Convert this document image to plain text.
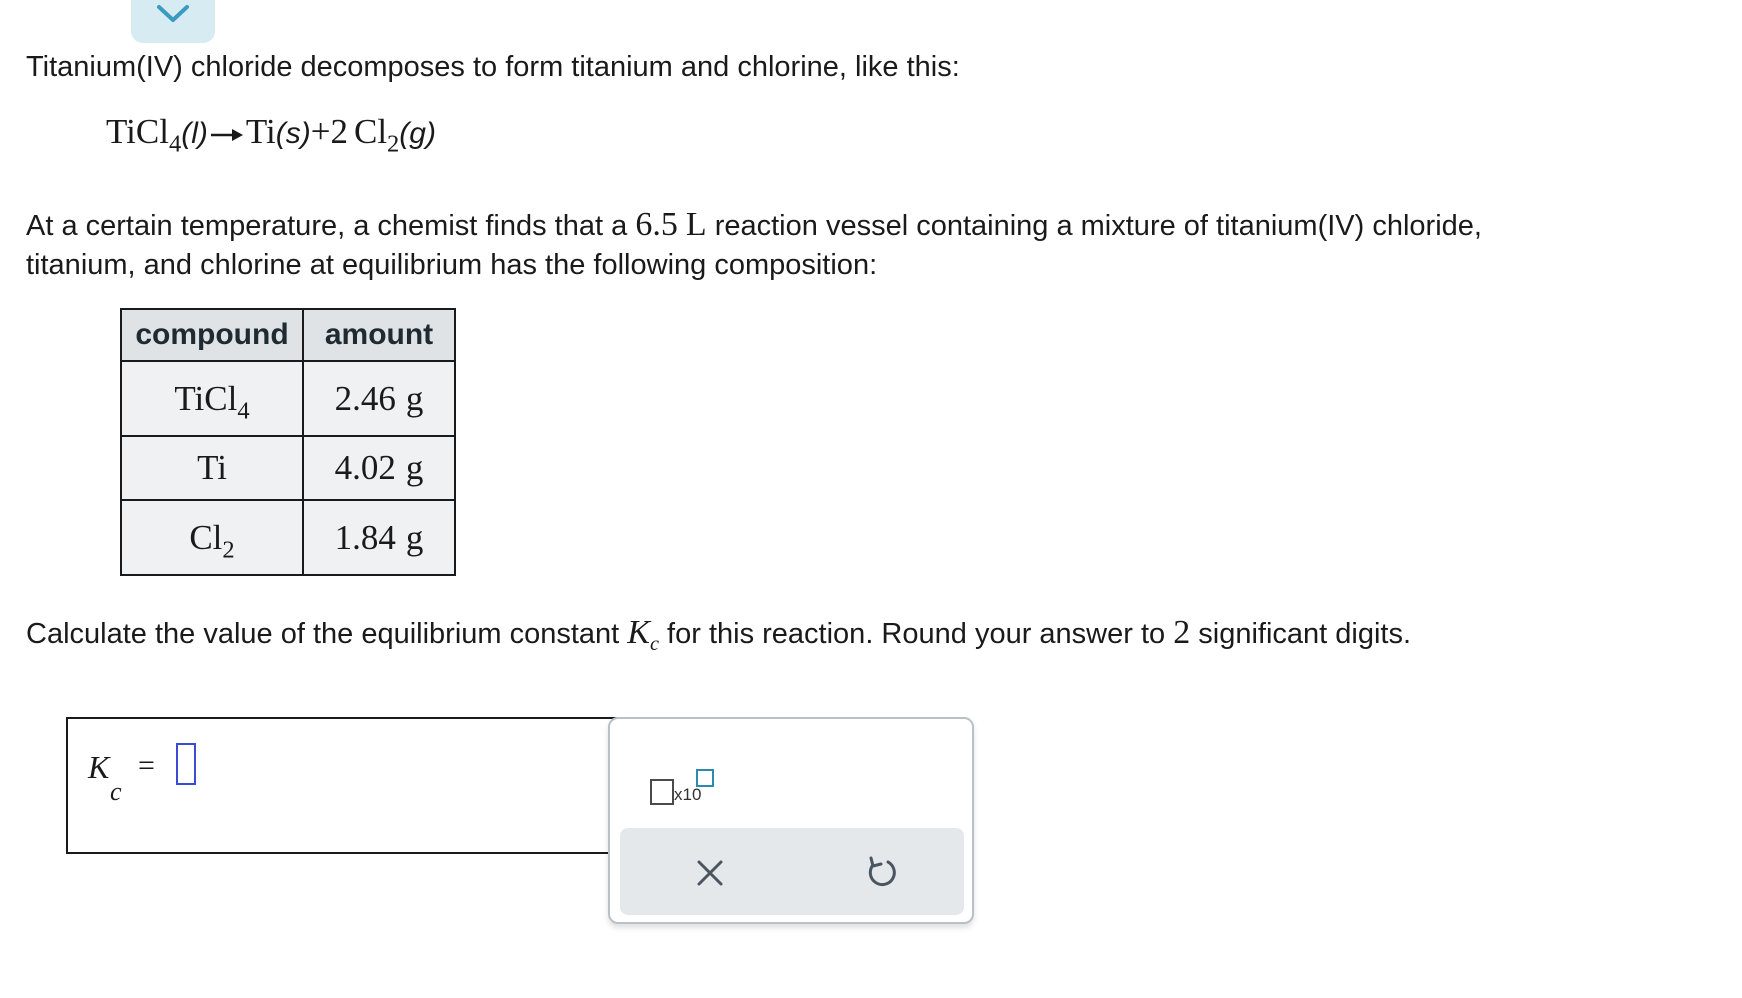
Titanium(IV) chloride decomposes to form titanium and chlorine, like this:
TiCl$_4$(l) → Ti(s)+2 $Cl_2(g)$
At a certain temperature, a chemist finds that a 6.5 L reaction vessel containing a mixture of titanium(IV) chloride,
titanium, and chlorine at equilibrium has the following composition:
compound	amount
TiCl$_4$	2.46 g
Ti	4.02 g
$Cl_2$	1.84 g
Calculate the value of the equilibrium constant $K_c$ for this reaction. Round your answer to 2 significant digits.
K
c
=
x10
